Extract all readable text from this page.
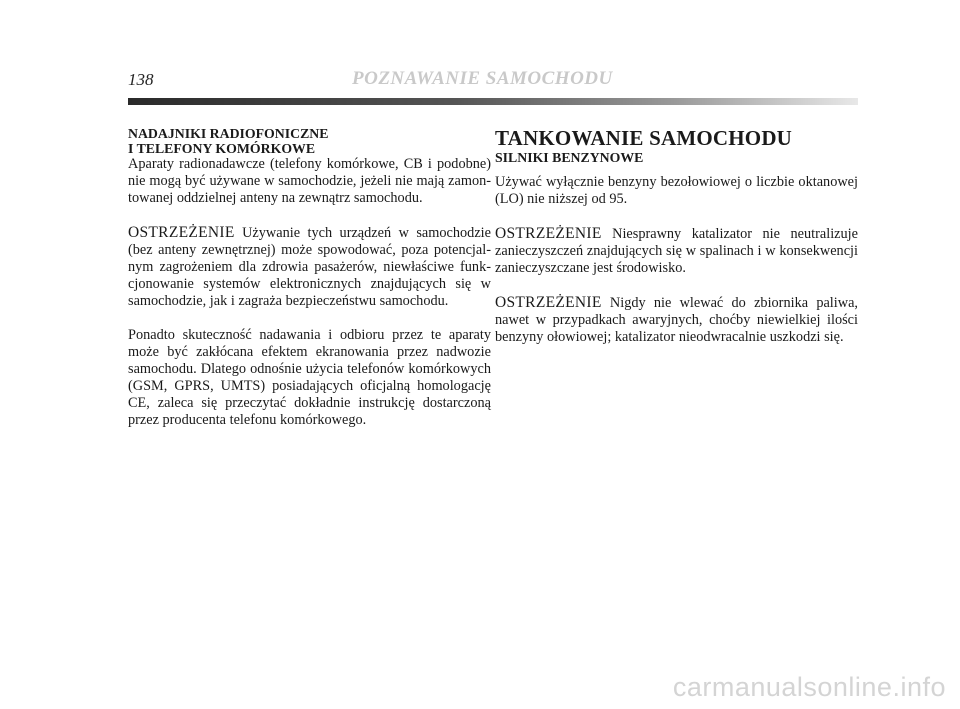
138	POZNAWANIE SAMOCHODU

NADAJNIKI RADIOFONICZNE
I TELEFONY KOMÓRKOWE

Aparaty radionadawcze (telefony komórkowe, CB i podobne) nie mogą być używane w samochodzie, jeżeli nie mają zamon-towanej oddzielnej anteny na zewnątrz samochodu.

OSTRZEŻENIE Używanie tych urządzeń w samochodzie (bez anteny zewnętrznej) może spowodować, poza potencjal-nym zagrożeniem dla zdrowia pasażerów, niewłaściwe funk-cjonowanie systemów elektronicznych znajdujących się w samochodzie, jak i zagraża bezpieczeństwu samochodu.

Ponadto skuteczność nadawania i odbioru przez te aparaty może być zakłócana efektem ekranowania przez nadwozie samochodu. Dlatego odnośnie użycia telefonów komórkowych (GSM, GPRS, UMTS) posiadających oficjalną homologację CE, zaleca się przeczytać dokładnie instrukcję dostarczoną przez producenta telefonu komórkowego.

TANKOWANIE SAMOCHODU

SILNIKI BENZYNOWE

Używać wyłącznie benzyny bezołowiowej o liczbie oktanowej (LO) nie niższej od 95.

OSTRZEŻENIE Niesprawny katalizator nie neutralizuje zanieczyszczeń znajdujących się w spalinach i w konsekwencji zanieczyszczane jest środowisko.

OSTRZEŻENIE Nigdy nie wlewać do zbiornika paliwa, nawet w przypadkach awaryjnych, choćby niewielkiej ilości benzyny ołowiowej; katalizator nieodwracalnie uszkodzi się.

carmanualsonline.info
